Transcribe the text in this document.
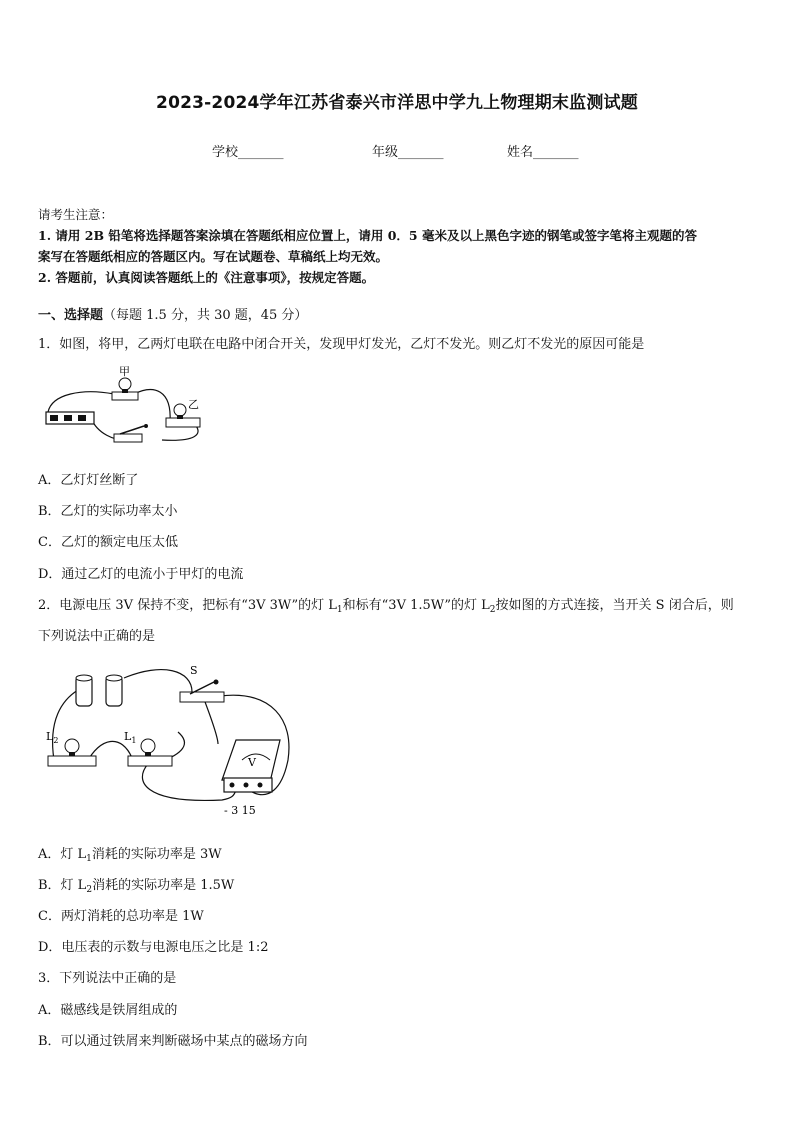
2023-2024学年江苏省泰兴市洋思中学九上物理期末监测试题
学校_______	年级_______	姓名_______
请考生注意：
1. 请用 2B 铅笔将选择题答案涂填在答题纸相应位置上，请用 0．5 毫米及以上黑色字迹的钢笔或签字笔将主观题的答
案写在答题纸相应的答题区内。写在试题卷、草稿纸上均无效。
2. 答题前，认真阅读答题纸上的《注意事项》，按规定答题。
一、选择题（每题 1.5 分，共 30 题，45 分）
1．如图，将甲，乙两灯电联在电路中闭合开关，发现甲灯发光，乙灯不发光。则乙灯不发光的原因可能是
甲
乙
A．乙灯灯丝断了
B．乙灯的实际功率太小
C．乙灯的额定电压太低
D．通过乙灯的电流小于甲灯的电流
2．电源电压 3V 保持不变，把标有“3V 3W”的灯 $L_1$和标有“3V 1.5W”的灯 $L_2$按如图的方式连接，当开关 S 闭合后，则
下列说法中正确的是
S
$L_2$	$L_1$
V
- 3 15
A．灯 $L_1$消耗的实际功率是 3W
B．灯 $L_2$消耗的实际功率是 1.5W
C．两灯消耗的总功率是 1W
D．电压表的示数与电源电压之比是 1:2
3．下列说法中正确的是
A．磁感线是铁屑组成的
B．可以通过铁屑来判断磁场中某点的磁场方向
